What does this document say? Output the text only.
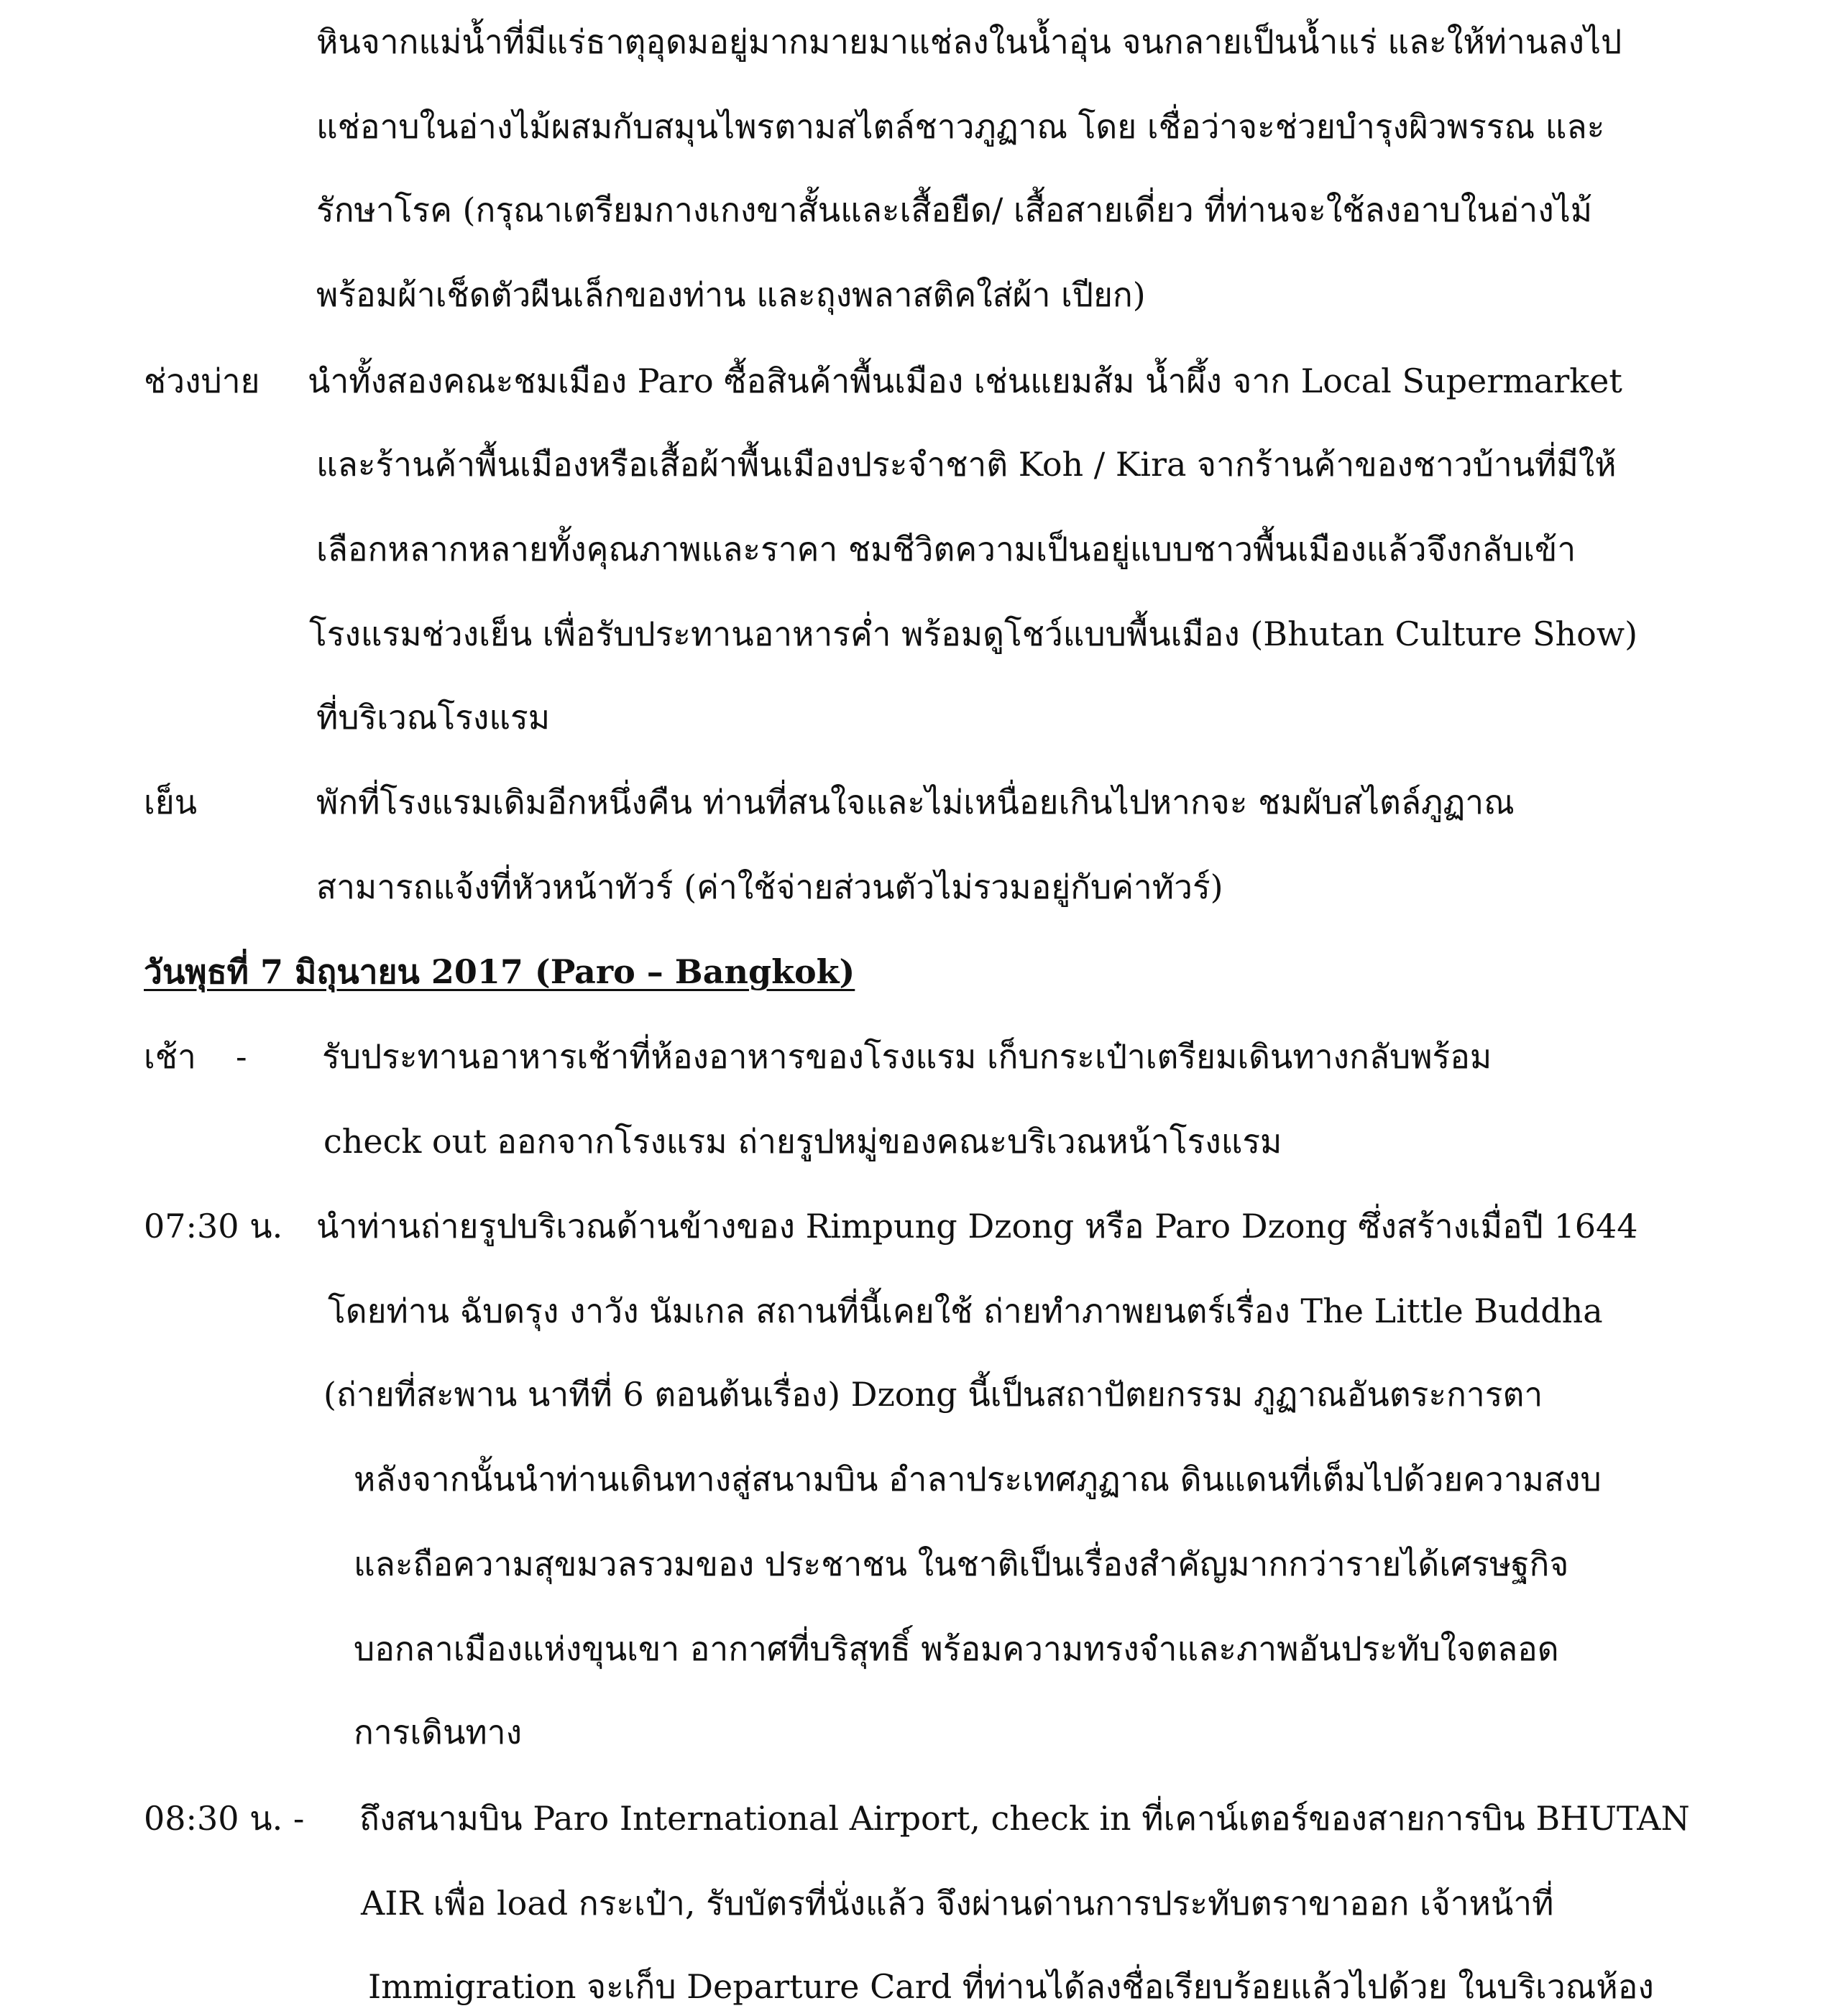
หินจากแม่น้ำที่มีแร่ธาตุอุดมอยู่มากมายมาแช่ลงในน้ำอุ่น จนกลายเป็นน้ำแร่ และให้ท่านลงไป
แช่อาบในอ่างไม้ผสมกับสมุนไพรตามสไตล์ชาวภูฏาณ โดย เชื่อว่าจะช่วยบำรุงผิวพรรณ และ
รักษาโรค (กรุณาเตรียมกางเกงขาสั้นและเสื้อยืด/ เสื้อสายเดี่ยว ที่ท่านจะใช้ลงอาบในอ่างไม้
พร้อมผ้าเช็ดตัวผืนเล็กของท่าน และถุงพลาสติคใส่ผ้า เปียก)
ช่วงบ่าย นำทั้งสองคณะชมเมือง Paro ซื้อสินค้าพื้นเมือง เช่นแยมส้ม น้ำผึ้ง จาก Local Supermarket
และร้านค้าพื้นเมืองหรือเสื้อผ้าพื้นเมืองประจำชาติ Koh / Kira จากร้านค้าของชาวบ้านที่มีให้
เลือกหลากหลายทั้งคุณภาพและราคา ชมชีวิตความเป็นอยู่แบบชาวพื้นเมืองแล้วจึงกลับเข้า
โรงแรมช่วงเย็น เพื่อรับประทานอาหารค่ำ พร้อมดูโชว์แบบพื้นเมือง (Bhutan Culture Show)
ที่บริเวณโรงแรม
เย็น	พักที่โรงแรมเดิมอีกหนึ่งคืน ท่านที่สนใจและไม่เหนื่อยเกินไปหากจะ ชมผับสไตล์ภูฏาณ
สามารถแจ้งที่หัวหน้าทัวร์ (ค่าใช้จ่ายส่วนตัวไม่รวมอยู่กับค่าทัวร์)
วันพุธที่ 7 มิถุนายน 2017 (Paro – Bangkok)
เช้า - รับประทานอาหารเช้าที่ห้องอาหารของโรงแรม เก็บกระเป๋าเตรียมเดินทางกลับพร้อม
check out ออกจากโรงแรม ถ่ายรูปหมู่ของคณะบริเวณหน้าโรงแรม
07:30 น. นำท่านถ่ายรูปบริเวณด้านข้างของ Rimpung Dzong หรือ Paro Dzong ซึ่งสร้างเมื่อปี 1644
โดยท่าน ฉับดรุง งาวัง นัมเกล สถานที่นี้เคยใช้ ถ่ายทำภาพยนตร์เรื่อง The Little Buddha
(ถ่ายที่สะพาน นาทีที่ 6 ตอนต้นเรื่อง) Dzong นี้เป็นสถาปัตยกรรม ภูฏาณอันตระการตา
หลังจากนั้นนำท่านเดินทางสู่สนามบิน อำลาประเทศภูฏาณ ดินแดนที่เต็มไปด้วยความสงบ
และถือความสุขมวลรวมของ ประชาชน ในชาติเป็นเรื่องสำคัญมากกว่ารายได้เศรษฐกิจ
บอกลาเมืองแห่งขุนเขา อากาศที่บริสุทธิ์ พร้อมความทรงจำและภาพอันประทับใจตลอด
การเดินทาง
08:30 น. - ถึงสนามบิน Paro International Airport, check in ที่เคาน์เตอร์ของสายการบิน BHUTAN
AIR เพื่อ load กระเป๋า, รับบัตรที่นั่งแล้ว จึงผ่านด่านการประทับตราขาออก เจ้าหน้าที่
Immigration จะเก็บ Departure Card ที่ท่านได้ลงชื่อเรียบร้อยแล้วไปด้วย ในบริเวณห้อง
